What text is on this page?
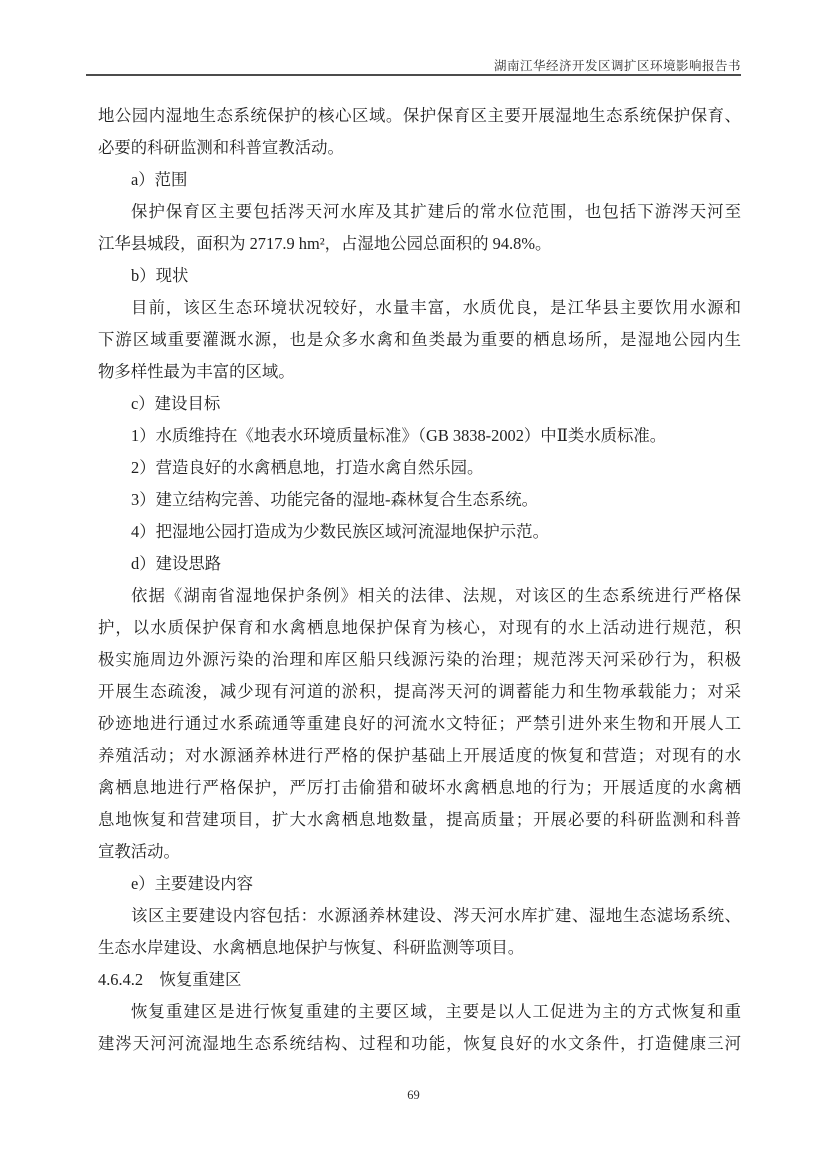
湖南江华经济开发区调扩区环境影响报告书
地公园内湿地生态系统保护的核心区域。保护保育区主要开展湿地生态系统保护保育、
必要的科研监测和科普宣教活动。
a）范围
保护保育区主要包括涔天河水库及其扩建后的常水位范围，也包括下游涔天河至
江华县城段，面积为 2717.9 hm²，占湿地公园总面积的 94.8%。
b）现状
目前，该区生态环境状况较好，水量丰富，水质优良，是江华县主要饮用水源和
下游区域重要灌溉水源，也是众多水禽和鱼类最为重要的栖息场所，是湿地公园内生
物多样性最为丰富的区域。
c）建设目标
1）水质维持在《地表水环境质量标准》（GB 3838-2002）中Ⅱ类水质标准。
2）营造良好的水禽栖息地，打造水禽自然乐园。
3）建立结构完善、功能完备的湿地-森林复合生态系统。
4）把湿地公园打造成为少数民族区域河流湿地保护示范。
d）建设思路
依据《湖南省湿地保护条例》相关的法律、法规，对该区的生态系统进行严格保
护，以水质保护保育和水禽栖息地保护保育为核心，对现有的水上活动进行规范，积
极实施周边外源污染的治理和库区船只线源污染的治理；规范涔天河采砂行为，积极
开展生态疏浚，减少现有河道的淤积，提高涔天河的调蓄能力和生物承载能力；对采
砂迹地进行通过水系疏通等重建良好的河流水文特征；严禁引进外来生物和开展人工
养殖活动；对水源涵养林进行严格的保护基础上开展适度的恢复和营造；对现有的水
禽栖息地进行严格保护，严厉打击偷猎和破坏水禽栖息地的行为；开展适度的水禽栖
息地恢复和营建项目，扩大水禽栖息地数量，提高质量；开展必要的科研监测和科普
宣教活动。
e）主要建设内容
该区主要建设内容包括：水源涵养林建设、涔天河水库扩建、湿地生态滤场系统、
生态水岸建设、水禽栖息地保护与恢复、科研监测等项目。
4.6.4.2　恢复重建区
恢复重建区是进行恢复重建的主要区域，主要是以人工促进为主的方式恢复和重
建涔天河河流湿地生态系统结构、过程和功能，恢复良好的水文条件，打造健康三河
69
